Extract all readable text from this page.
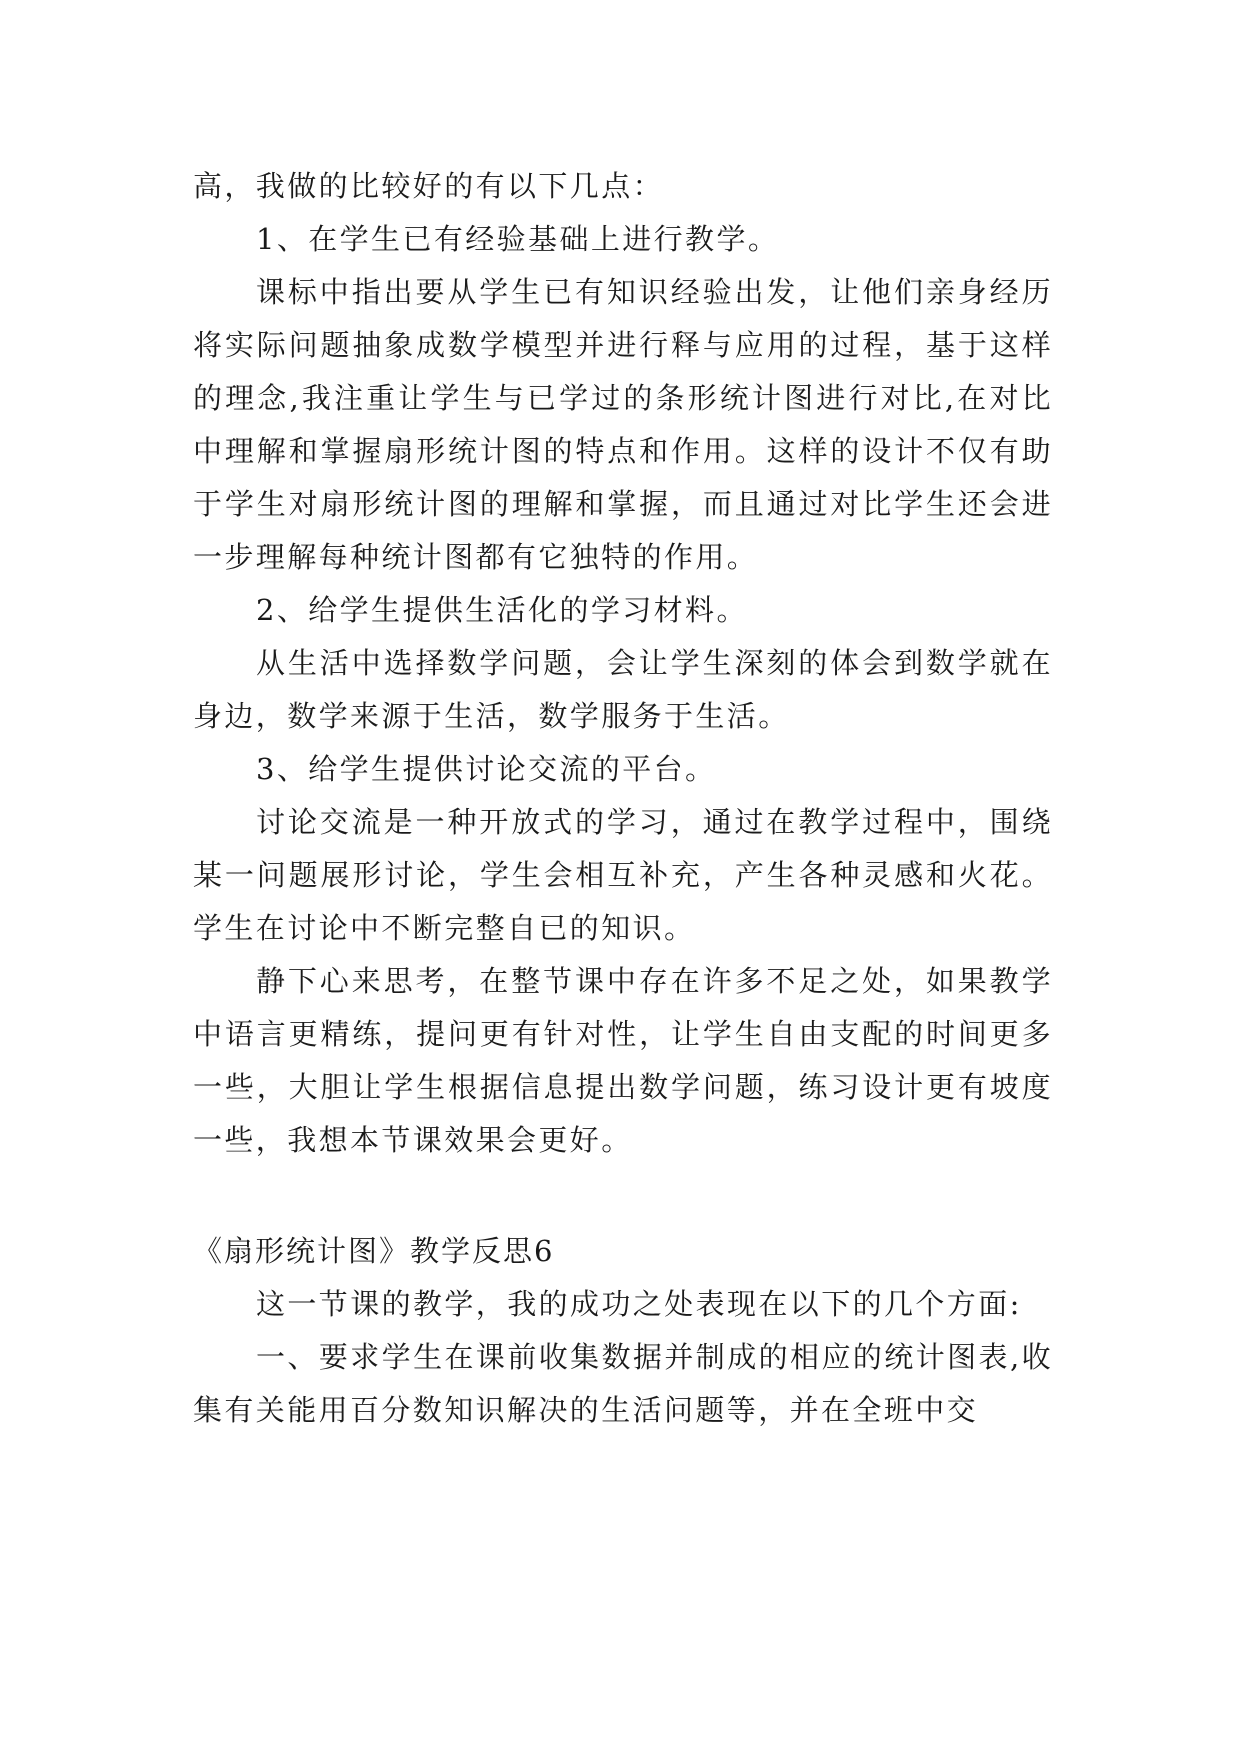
高，我做的比较好的有以下几点：

1、在学生已有经验基础上进行教学。

课标中指出要从学生已有知识经验出发，让他们亲身经历将实际问题抽象成数学模型并进行释与应用的过程，基于这样的理念,我注重让学生与已学过的条形统计图进行对比,在对比中理解和掌握扇形统计图的特点和作用。这样的设计不仅有助于学生对扇形统计图的理解和掌握，而且通过对比学生还会进一步理解每种统计图都有它独特的作用。

2、给学生提供生活化的学习材料。

从生活中选择数学问题，会让学生深刻的体会到数学就在身边，数学来源于生活，数学服务于生活。

3、给学生提供讨论交流的平台。

讨论交流是一种开放式的学习，通过在教学过程中，围绕某一问题展形讨论，学生会相互补充，产生各种灵感和火花。学生在讨论中不断完整自已的知识。

静下心来思考，在整节课中存在许多不足之处，如果教学中语言更精练，提问更有针对性，让学生自由支配的时间更多一些，大胆让学生根据信息提出数学问题，练习设计更有坡度一些，我想本节课效果会更好。

《扇形统计图》教学反思6

这一节课的教学，我的成功之处表现在以下的几个方面:

一、要求学生在课前收集数据并制成的相应的统计图表,收集有关能用百分数知识解决的生活问题等，并在全班中交
